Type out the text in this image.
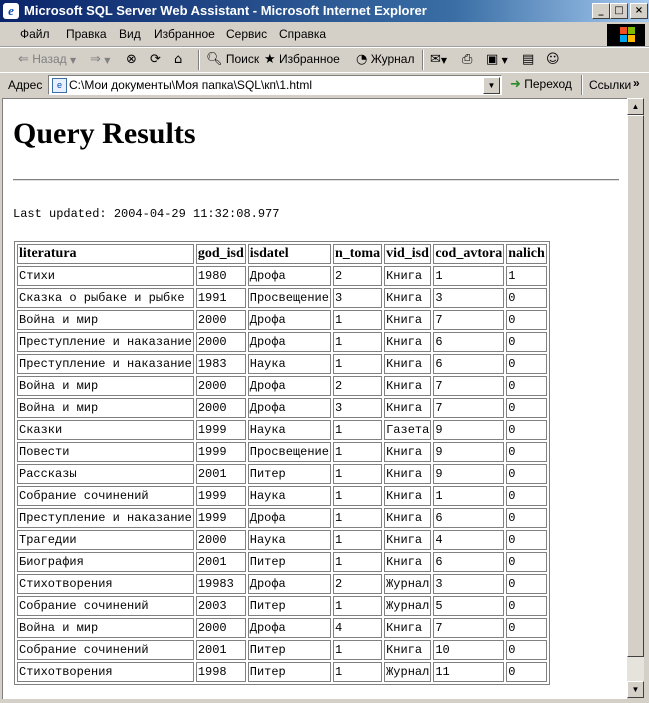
e Microsoft SQL Server Web Assistant - Microsoft Internet Explorer	_	□	×
Файл Правка Вид Избранное Сервис Справка
⇐ Назад ▼ ⇒ ▼ ⊗ ⟳ ⌂ 🔍︎ Поиск ★ Избранное ◔ Журнал ✉▼ ⎙ ▣ ▼ ▤ ☺
Адрес	e C:\Мои документы\Моя папка\SQL\кп\1.html	▼	➜ Переход Ссылки »
Query Results
Last updated: 2004-04-29 11:32:08.977
literatura	god_isd	isdatel	n_toma	vid_isd	cod_avtora	nalich
Стихи	1980	Дрофа	2	Книга	1	1
Сказка о рыбаке и рыбке	1991	Просвещение	3	Книга	3	0
Война и мир	2000	Дрофа	1	Книга	7	0
Преступление и наказание	2000	Дрофа	1	Книга	6	0
Преступление и наказание	1983	Наука	1	Книга	6	0
Война и мир	2000	Дрофа	2	Книга	7	0
Война и мир	2000	Дрофа	3	Книга	7	0
Сказки	1999	Наука	1	Газета	9	0
Повести	1999	Просвещение	1	Книга	9	0
Рассказы	2001	Питер	1	Книга	9	0
Собрание сочинений	1999	Наука	1	Книга	1	0
Преступление и наказание	1999	Дрофа	1	Книга	6	0
Трагедии	2000	Наука	1	Книга	4	0
Биография	2001	Питер	1	Книга	6	0
Стихотворения	19983	Дрофа	2	Журнал	3	0
Собрание сочинений	2003	Питер	1	Журнал	5	0
Война и мир	2000	Дрофа	4	Книга	7	0
Собрание сочинений	2001	Питер	1	Книга	10	0
Стихотворения	1998	Питер	1	Журнал	11	0
▲
▼
